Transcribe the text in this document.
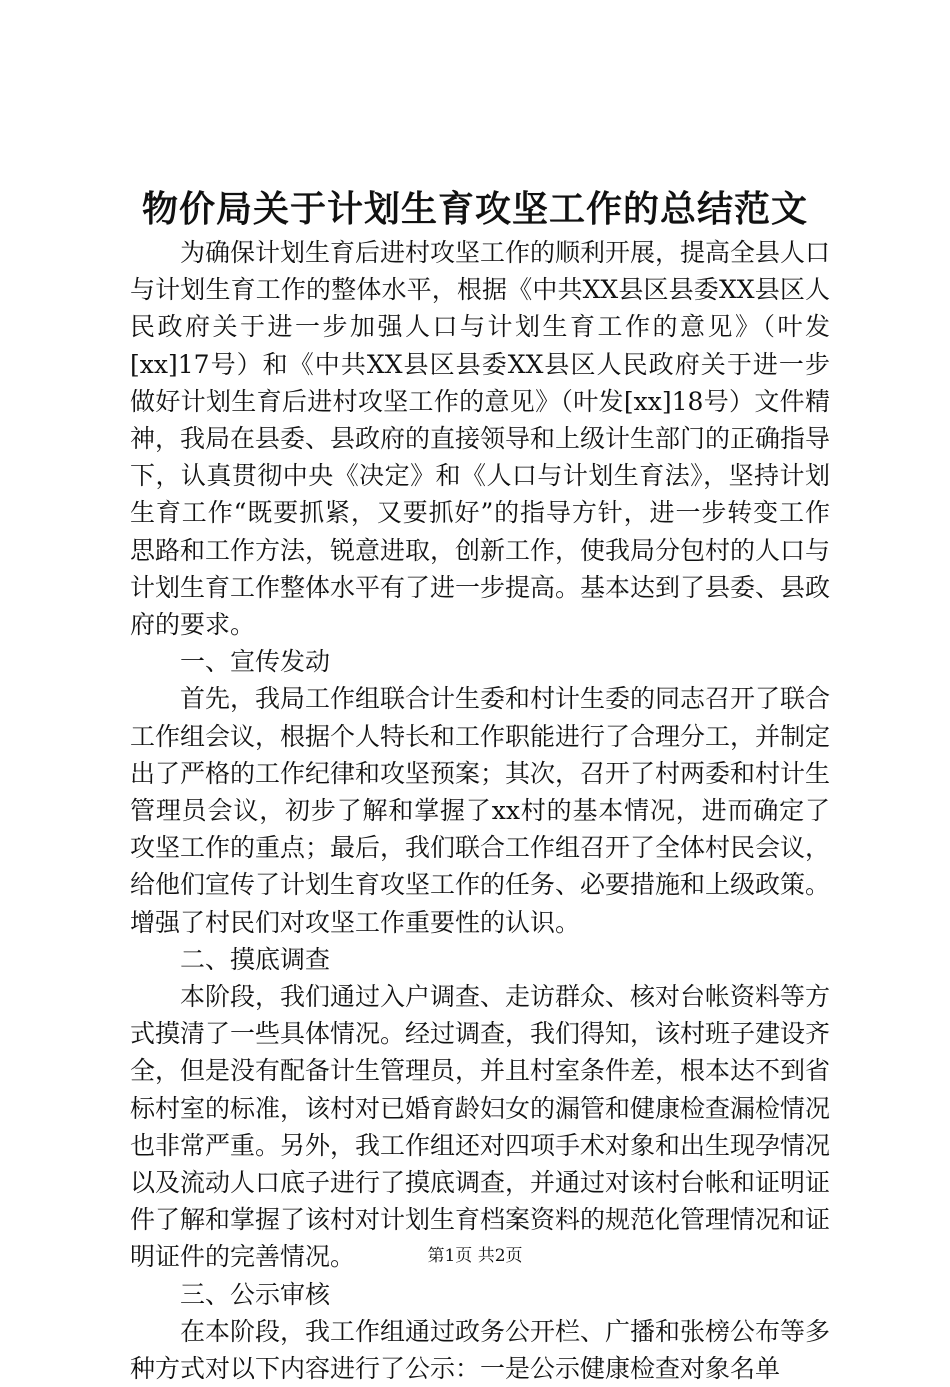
物价局关于计划生育攻坚工作的总结范文

为确保计划生育后进村攻坚工作的顺利开展，提高全县人口与计划生育工作的整体水平，根据《中共XX县区县委XX县区人民政府关于进一步加强人口与计划生育工作的意见》（叶发[xx]17号）和《中共XX县区县委XX县区人民政府关于进一步做好计划生育后进村攻坚工作的意见》（叶发[xx]18号）文件精神，我局在县委、县政府的直接领导和上级计生部门的正确指导下，认真贯彻中央《决定》和《人口与计划生育法》，坚持计划生育工作“既要抓紧，又要抓好”的指导方针，进一步转变工作思路和工作方法，锐意进取，创新工作，使我局分包村的人口与计划生育工作整体水平有了进一步提高。基本达到了县委、县政府的要求。

一、宣传发动

首先，我局工作组联合计生委和村计生委的同志召开了联合工作组会议，根据个人特长和工作职能进行了合理分工，并制定出了严格的工作纪律和攻坚预案；其次，召开了村两委和村计生管理员会议，初步了解和掌握了xx村的基本情况，进而确定了攻坚工作的重点；最后，我们联合工作组召开了全体村民会议，给他们宣传了计划生育攻坚工作的任务、必要措施和上级政策。增强了村民们对攻坚工作重要性的认识。

二、摸底调查

本阶段，我们通过入户调查、走访群众、核对台帐资料等方式摸清了一些具体情况。经过调查，我们得知，该村班子建设齐全，但是没有配备计生管理员，并且村室条件差，根本达不到省标村室的标准，该村对已婚育龄妇女的漏管和健康检查漏检情况也非常严重。另外，我工作组还对四项手术对象和出生现孕情况以及流动人口底子进行了摸底调查，并通过对该村台帐和证明证件了解和掌握了该村对计划生育档案资料的规范化管理情况和证明证件的完善情况。

三、公示审核

在本阶段，我工作组通过政务公开栏、广播和张榜公布等多种方式对以下内容进行了公示：一是公示健康检查对象名单

第1页 共2页
